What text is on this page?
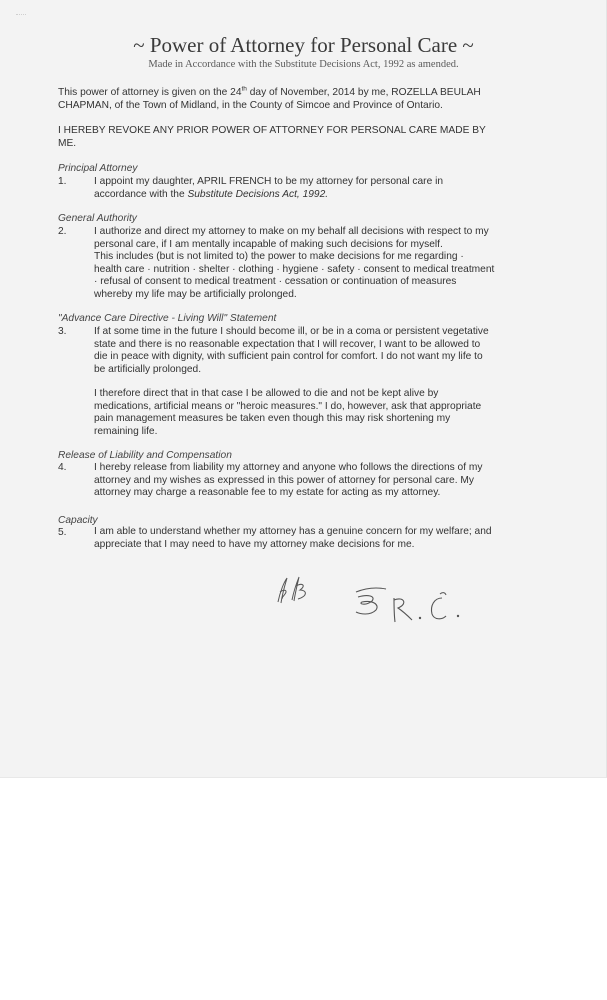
~ Power of Attorney for Personal Care ~
Made in Accordance with the Substitute Decisions Act, 1992 as amended.
This power of attorney is given on the 24th day of November, 2014 by me, ROZELLA BEULAH
CHAPMAN, of the Town of Midland, in the County of Simcoe and Province of Ontario.
I HEREBY REVOKE ANY PRIOR POWER OF ATTORNEY FOR PERSONAL CARE MADE BY
ME.
Principal Attorney
1.	I appoint my daughter, APRIL FRENCH to be my attorney for personal care in
accordance with the Substitute Decisions Act, 1992.
General Authority
2.	I authorize and direct my attorney to make on my behalf all decisions with respect to my
personal care, if I am mentally incapable of making such decisions for myself.
This includes (but is not limited to) the power to make decisions for me regarding ·
health care · nutrition · shelter · clothing · hygiene · safety · consent to medical treatment
· refusal of consent to medical treatment · cessation or continuation of measures
whereby my life may be artificially prolonged.
"Advance Care Directive - Living Will" Statement
3.	If at some time in the future I should become ill, or be in a coma or persistent vegetative
state and there is no reasonable expectation that I will recover, I want to be allowed to
die in peace with dignity, with sufficient pain control for comfort. I do not want my life to
be artificially prolonged.
I therefore direct that in that case I be allowed to die and not be kept alive by
medications, artificial means or "heroic measures." I do, however, ask that appropriate
pain management measures be taken even though this may risk shortening my
remaining life.
Release of Liability and Compensation
4.	I hereby release from liability my attorney and anyone who follows the directions of my
attorney and my wishes as expressed in this power of attorney for personal care. My
attorney may charge a reasonable fee to my estate for acting as my attorney.
Capacity
5.	I am able to understand whether my attorney has a genuine concern for my welfare; and
appreciate that I may need to have my attorney make decisions for me.
